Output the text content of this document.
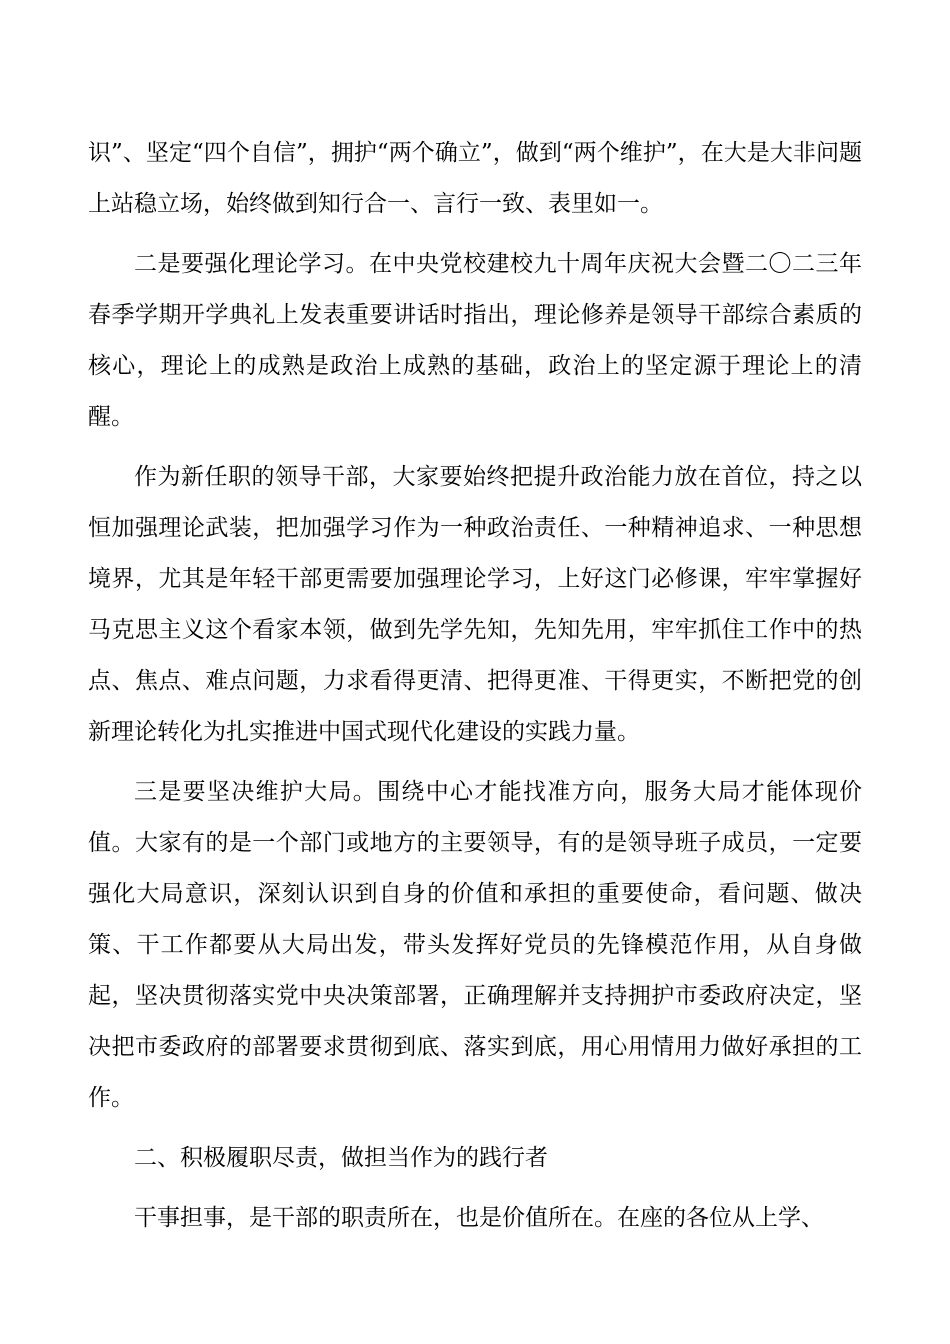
识”、坚定“四个自信”，拥护“两个确立”，做到“两个维护”，在大是大非问题上站稳立场，始终做到知行合一、言行一致、表里如一。

二是要强化理论学习。在中央党校建校九十周年庆祝大会暨二〇二三年春季学期开学典礼上发表重要讲话时指出，理论修养是领导干部综合素质的核心，理论上的成熟是政治上成熟的基础，政治上的坚定源于理论上的清醒。

作为新任职的领导干部，大家要始终把提升政治能力放在首位，持之以恒加强理论武装，把加强学习作为一种政治责任、一种精神追求、一种思想境界，尤其是年轻干部更需要加强理论学习，上好这门必修课，牢牢掌握好马克思主义这个看家本领，做到先学先知，先知先用，牢牢抓住工作中的热点、焦点、难点问题，力求看得更清、把得更准、干得更实，不断把党的创新理论转化为扎实推进中国式现代化建设的实践力量。

三是要坚决维护大局。围绕中心才能找准方向，服务大局才能体现价值。大家有的是一个部门或地方的主要领导，有的是领导班子成员，一定要强化大局意识，深刻认识到自身的价值和承担的重要使命，看问题、做决策、干工作都要从大局出发，带头发挥好党员的先锋模范作用，从自身做起，坚决贯彻落实党中央决策部署，正确理解并支持拥护市委政府决定，坚决把市委政府的部署要求贯彻到底、落实到底，用心用情用力做好承担的工作。

二、积极履职尽责，做担当作为的践行者

干事担事，是干部的职责所在，也是价值所在。在座的各位从上学、
